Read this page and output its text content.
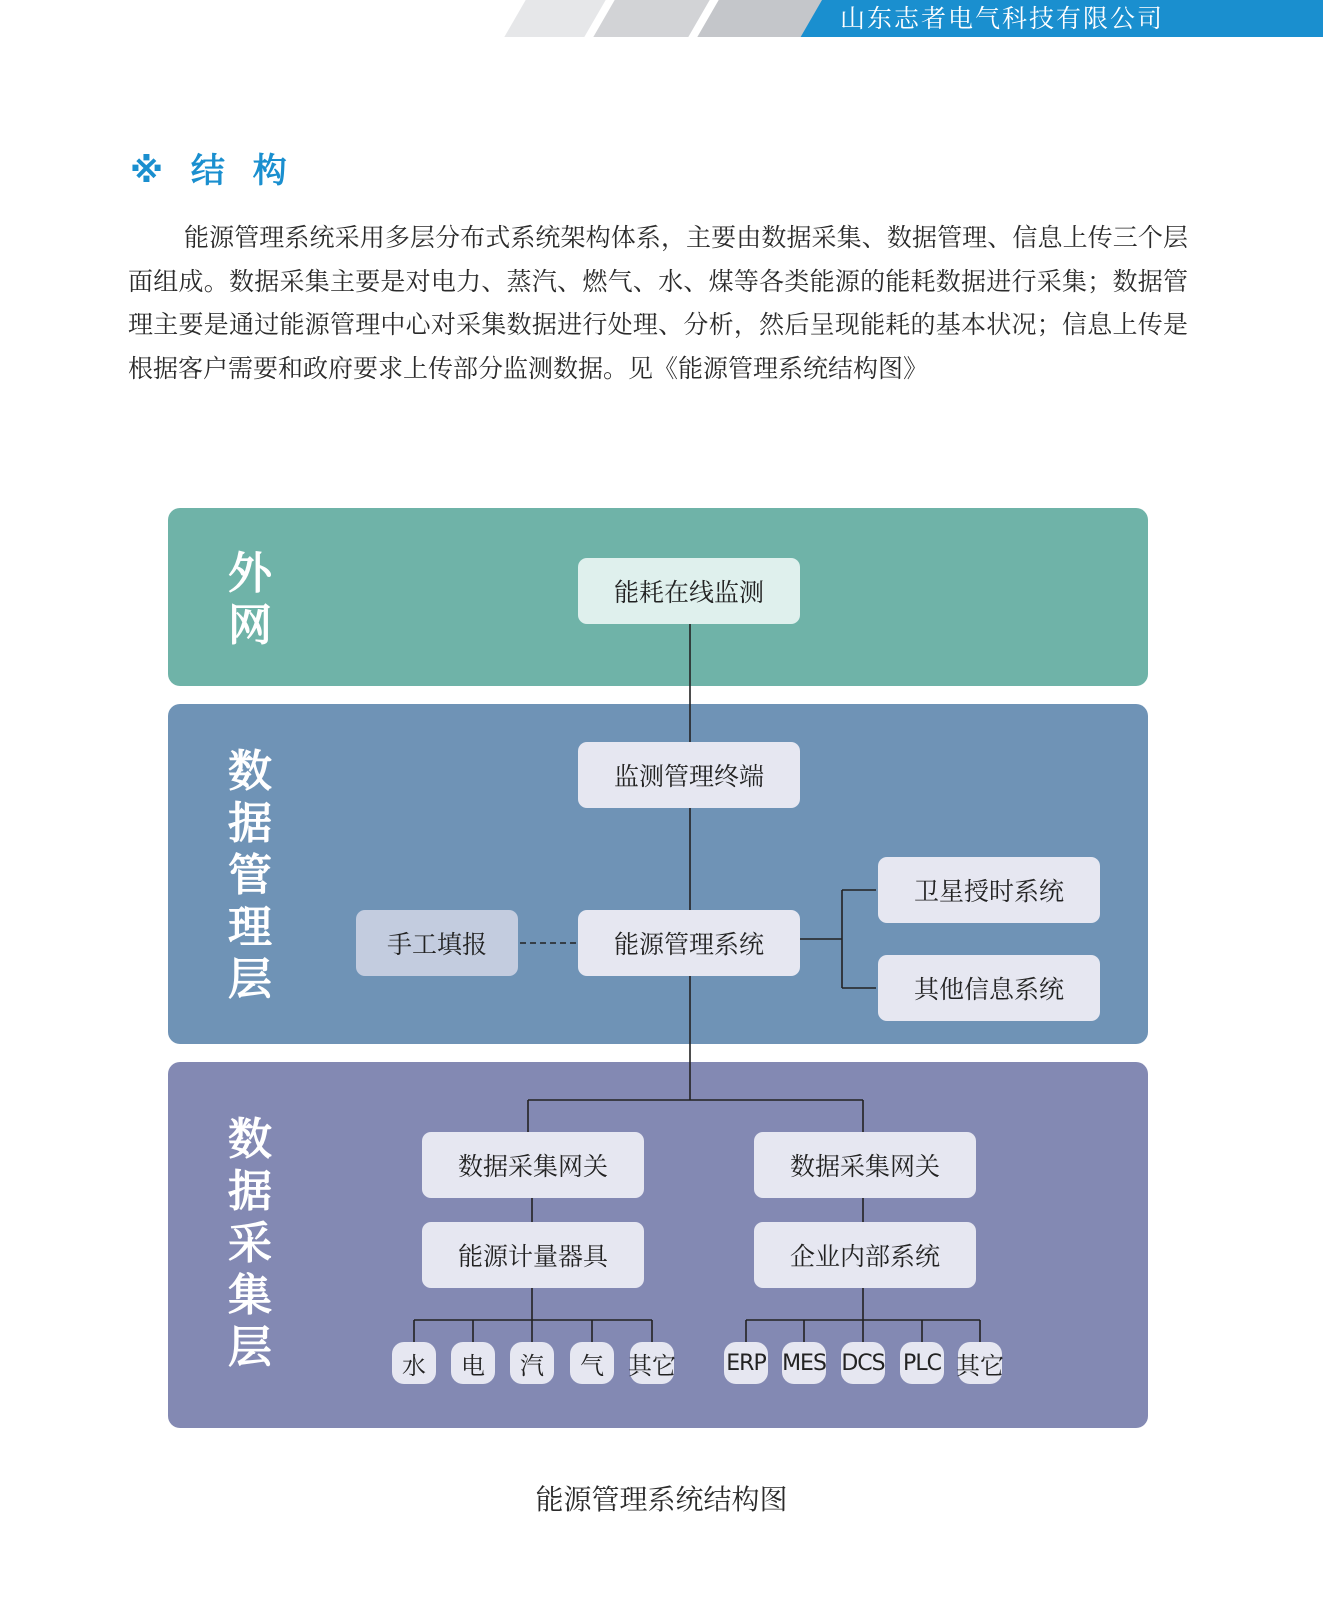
山东志者电气科技有限公司
※ 结 构

能源管理系统采用多层分布式系统架构体系，主要由数据采集、数据管理、信息上传三个层面组成。数据采集主要是对电力、蒸汽、燃气、水、煤等各类能源的能耗数据进行采集；数据管理主要是通过能源管理中心对采集数据进行处理、分析，然后呈现能耗的基本状况；信息上传是根据客户需要和政府要求上传部分监测数据。见《能源管理系统结构图》

外网
数据管理层
数据采集层
能耗在线监测
监测管理终端
手工填报	能源管理系统
卫星授时系统
其他信息系统
数据采集网关	数据采集网关
能源计量器具	企业内部系统
水	电	汽	气	其它 ERP MES DCS PLC 其它
能源管理系统结构图
